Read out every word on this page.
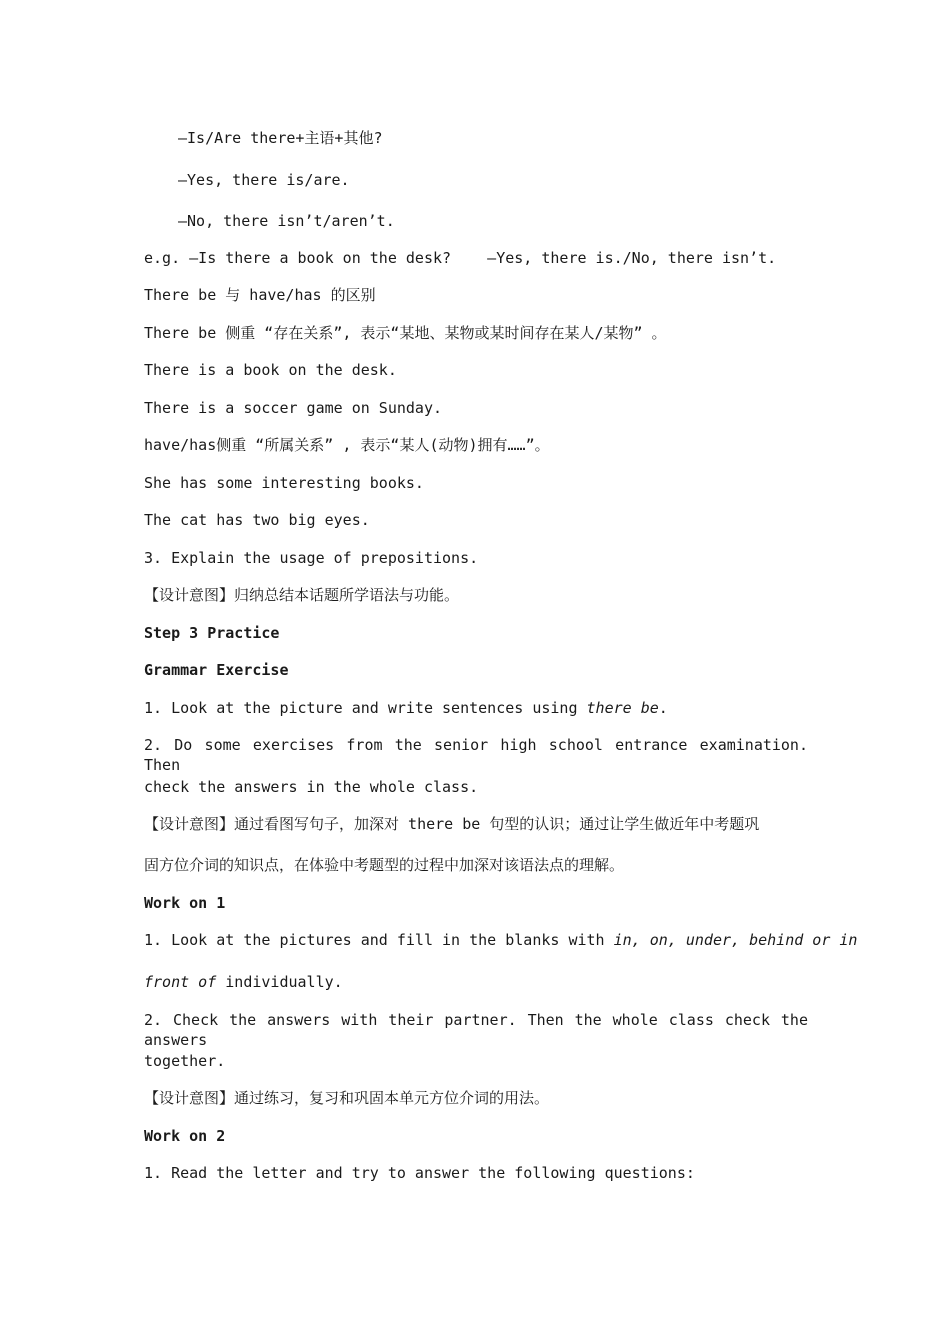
—Is/Are there+主语+其他?
—Yes, there is/are.
—No, there isn’t/aren’t.
e.g. —Is there a book on the desk?    —Yes, there is./No, there isn’t.
There be 与 have/has 的区别
There be 侧重 “存在关系”, 表示“某地、某物或某时间存在某人/某物” 。
There is a book on the desk.
There is a soccer game on Sunday.
have/has侧重 “所属关系” , 表示“某人(动物)拥有……”。
She has some interesting books.
The cat has two big eyes.
3. Explain the usage of prepositions.
【设计意图】归纳总结本话题所学语法与功能。
Step 3 Practice
Grammar Exercise
1. Look at the picture and write sentences using there be.
2. Do some exercises from the senior high school entrance examination. Then
check the answers in the whole class.
【设计意图】通过看图写句子，加深对 there be 句型的认识；通过让学生做近年中考题巩
固方位介词的知识点，在体验中考题型的过程中加深对该语法点的理解。
Work on 1
1. Look at the pictures and fill in the blanks with in, on, under, behind or in
front of individually.
2. Check the answers with their partner. Then the whole class check the answers
together.
【设计意图】通过练习，复习和巩固本单元方位介词的用法。
Work on 2
1. Read the letter and try to answer the following questions:
